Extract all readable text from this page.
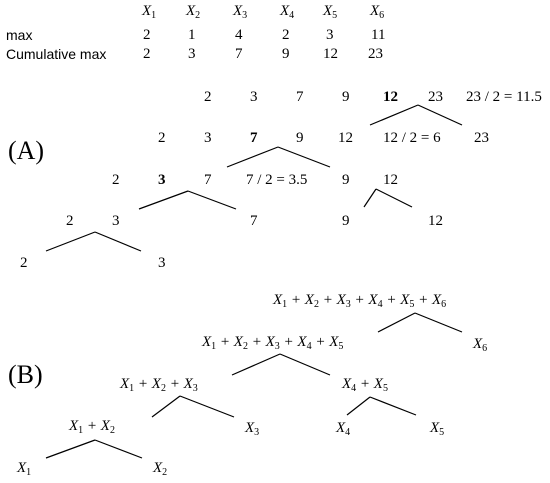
$X_1$ $X_2$ $X_3$ $X_4$ $X_5$ $X_6$
max	2	1	4	2 3	11
Cumulative max 2	3	7	9 12 23
(A)
2	3	7	9 12 23 23 / 2 = 11.5
2	3	7	9 12 12 / 2 = 6 23
2	3	7 7 / 2 = 3.5 9 12
2	3	7	9	12
2	3
(B)
$X_1 + X_2 + X_3 + X_4 + X_5 + X_6$
$X_1 + X_2 + X_3 + X_4 + X_5$	$X_6$
$X_1 + X_2 + X_3$	$X_4 + X_5$
$X_1 + X_2$	$X_3$	$X_4$	$X_5$
$X_1$	$X_2$
